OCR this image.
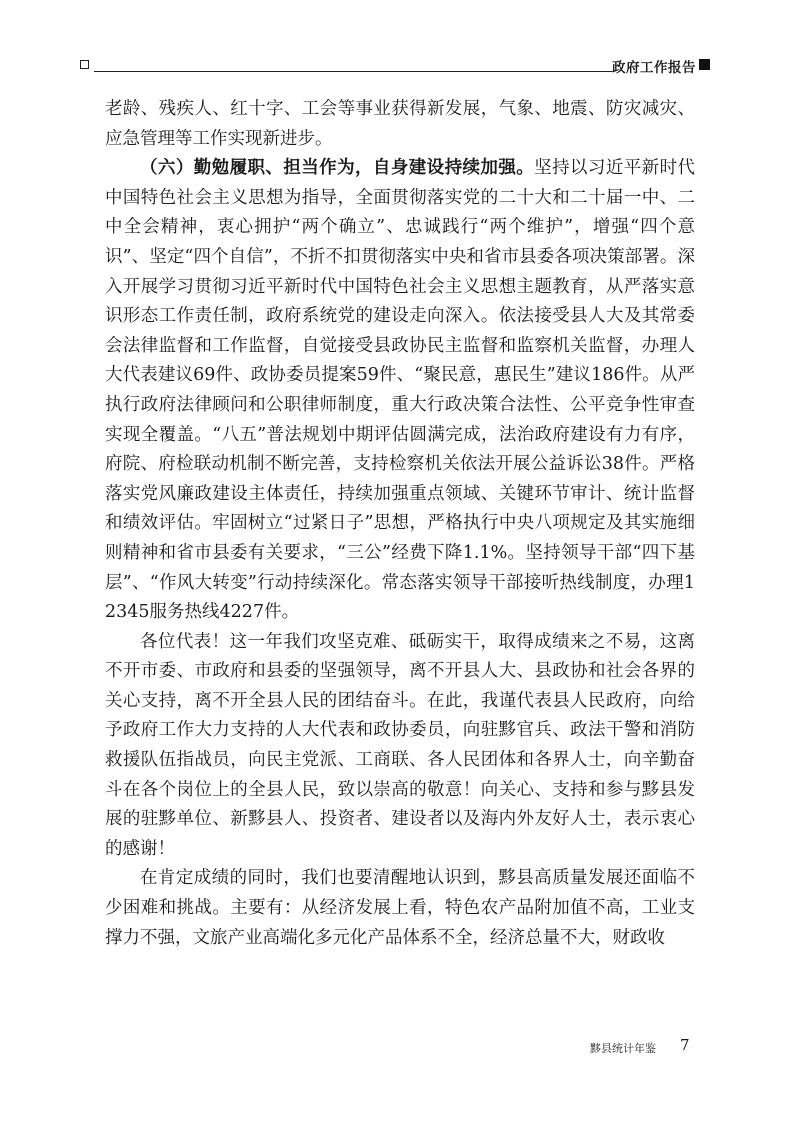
政府工作报告

老龄、残疾人、红十字、工会等事业获得新发展，气象、地震、防灾减灾、应急管理等工作实现新进步。

（六）勤勉履职、担当作为，自身建设持续加强。坚持以习近平新时代中国特色社会主义思想为指导，全面贯彻落实党的二十大和二十届一中、二中全会精神，衷心拥护“两个确立”、忠诚践行“两个维护”，增强“四个意识”、坚定“四个自信”，不折不扣贯彻落实中央和省市县委各项决策部署。深入开展学习贯彻习近平新时代中国特色社会主义思想主题教育，从严落实意识形态工作责任制，政府系统党的建设走向深入。依法接受县人大及其常委会法律监督和工作监督，自觉接受县政协民主监督和监察机关监督，办理人大代表建议69件、政协委员提案59件、“聚民意，惠民生”建议186件。从严执行政府法律顾问和公职律师制度，重大行政决策合法性、公平竞争性审查实现全覆盖。“八五”普法规划中期评估圆满完成，法治政府建设有力有序，府院、府检联动机制不断完善，支持检察机关依法开展公益诉讼38件。严格落实党风廉政建设主体责任，持续加强重点领域、关键环节审计、统计监督和绩效评估。牢固树立“过紧日子”思想，严格执行中央八项规定及其实施细则精神和省市县委有关要求，“三公”经费下降1.1%。坚持领导干部“四下基层”、“作风大转变”行动持续深化。常态落实领导干部接听热线制度，办理12345服务热线4227件。

各位代表！这一年我们攻坚克难、砥砺实干，取得成绩来之不易，这离不开市委、市政府和县委的坚强领导，离不开县人大、县政协和社会各界的关心支持，离不开全县人民的团结奋斗。在此，我谨代表县人民政府，向给予政府工作大力支持的人大代表和政协委员，向驻黟官兵、政法干警和消防救援队伍指战员，向民主党派、工商联、各人民团体和各界人士，向辛勤奋斗在各个岗位上的全县人民，致以崇高的敬意！向关心、支持和参与黟县发展的驻黟单位、新黟县人、投资者、建设者以及海内外友好人士，表示衷心的感谢！

在肯定成绩的同时，我们也要清醒地认识到，黟县高质量发展还面临不少困难和挑战。主要有：从经济发展上看，特色农产品附加值不高，工业支撑力不强，文旅产业高端化多元化产品体系不全，经济总量不大，财政收

黟县统计年鉴 7
